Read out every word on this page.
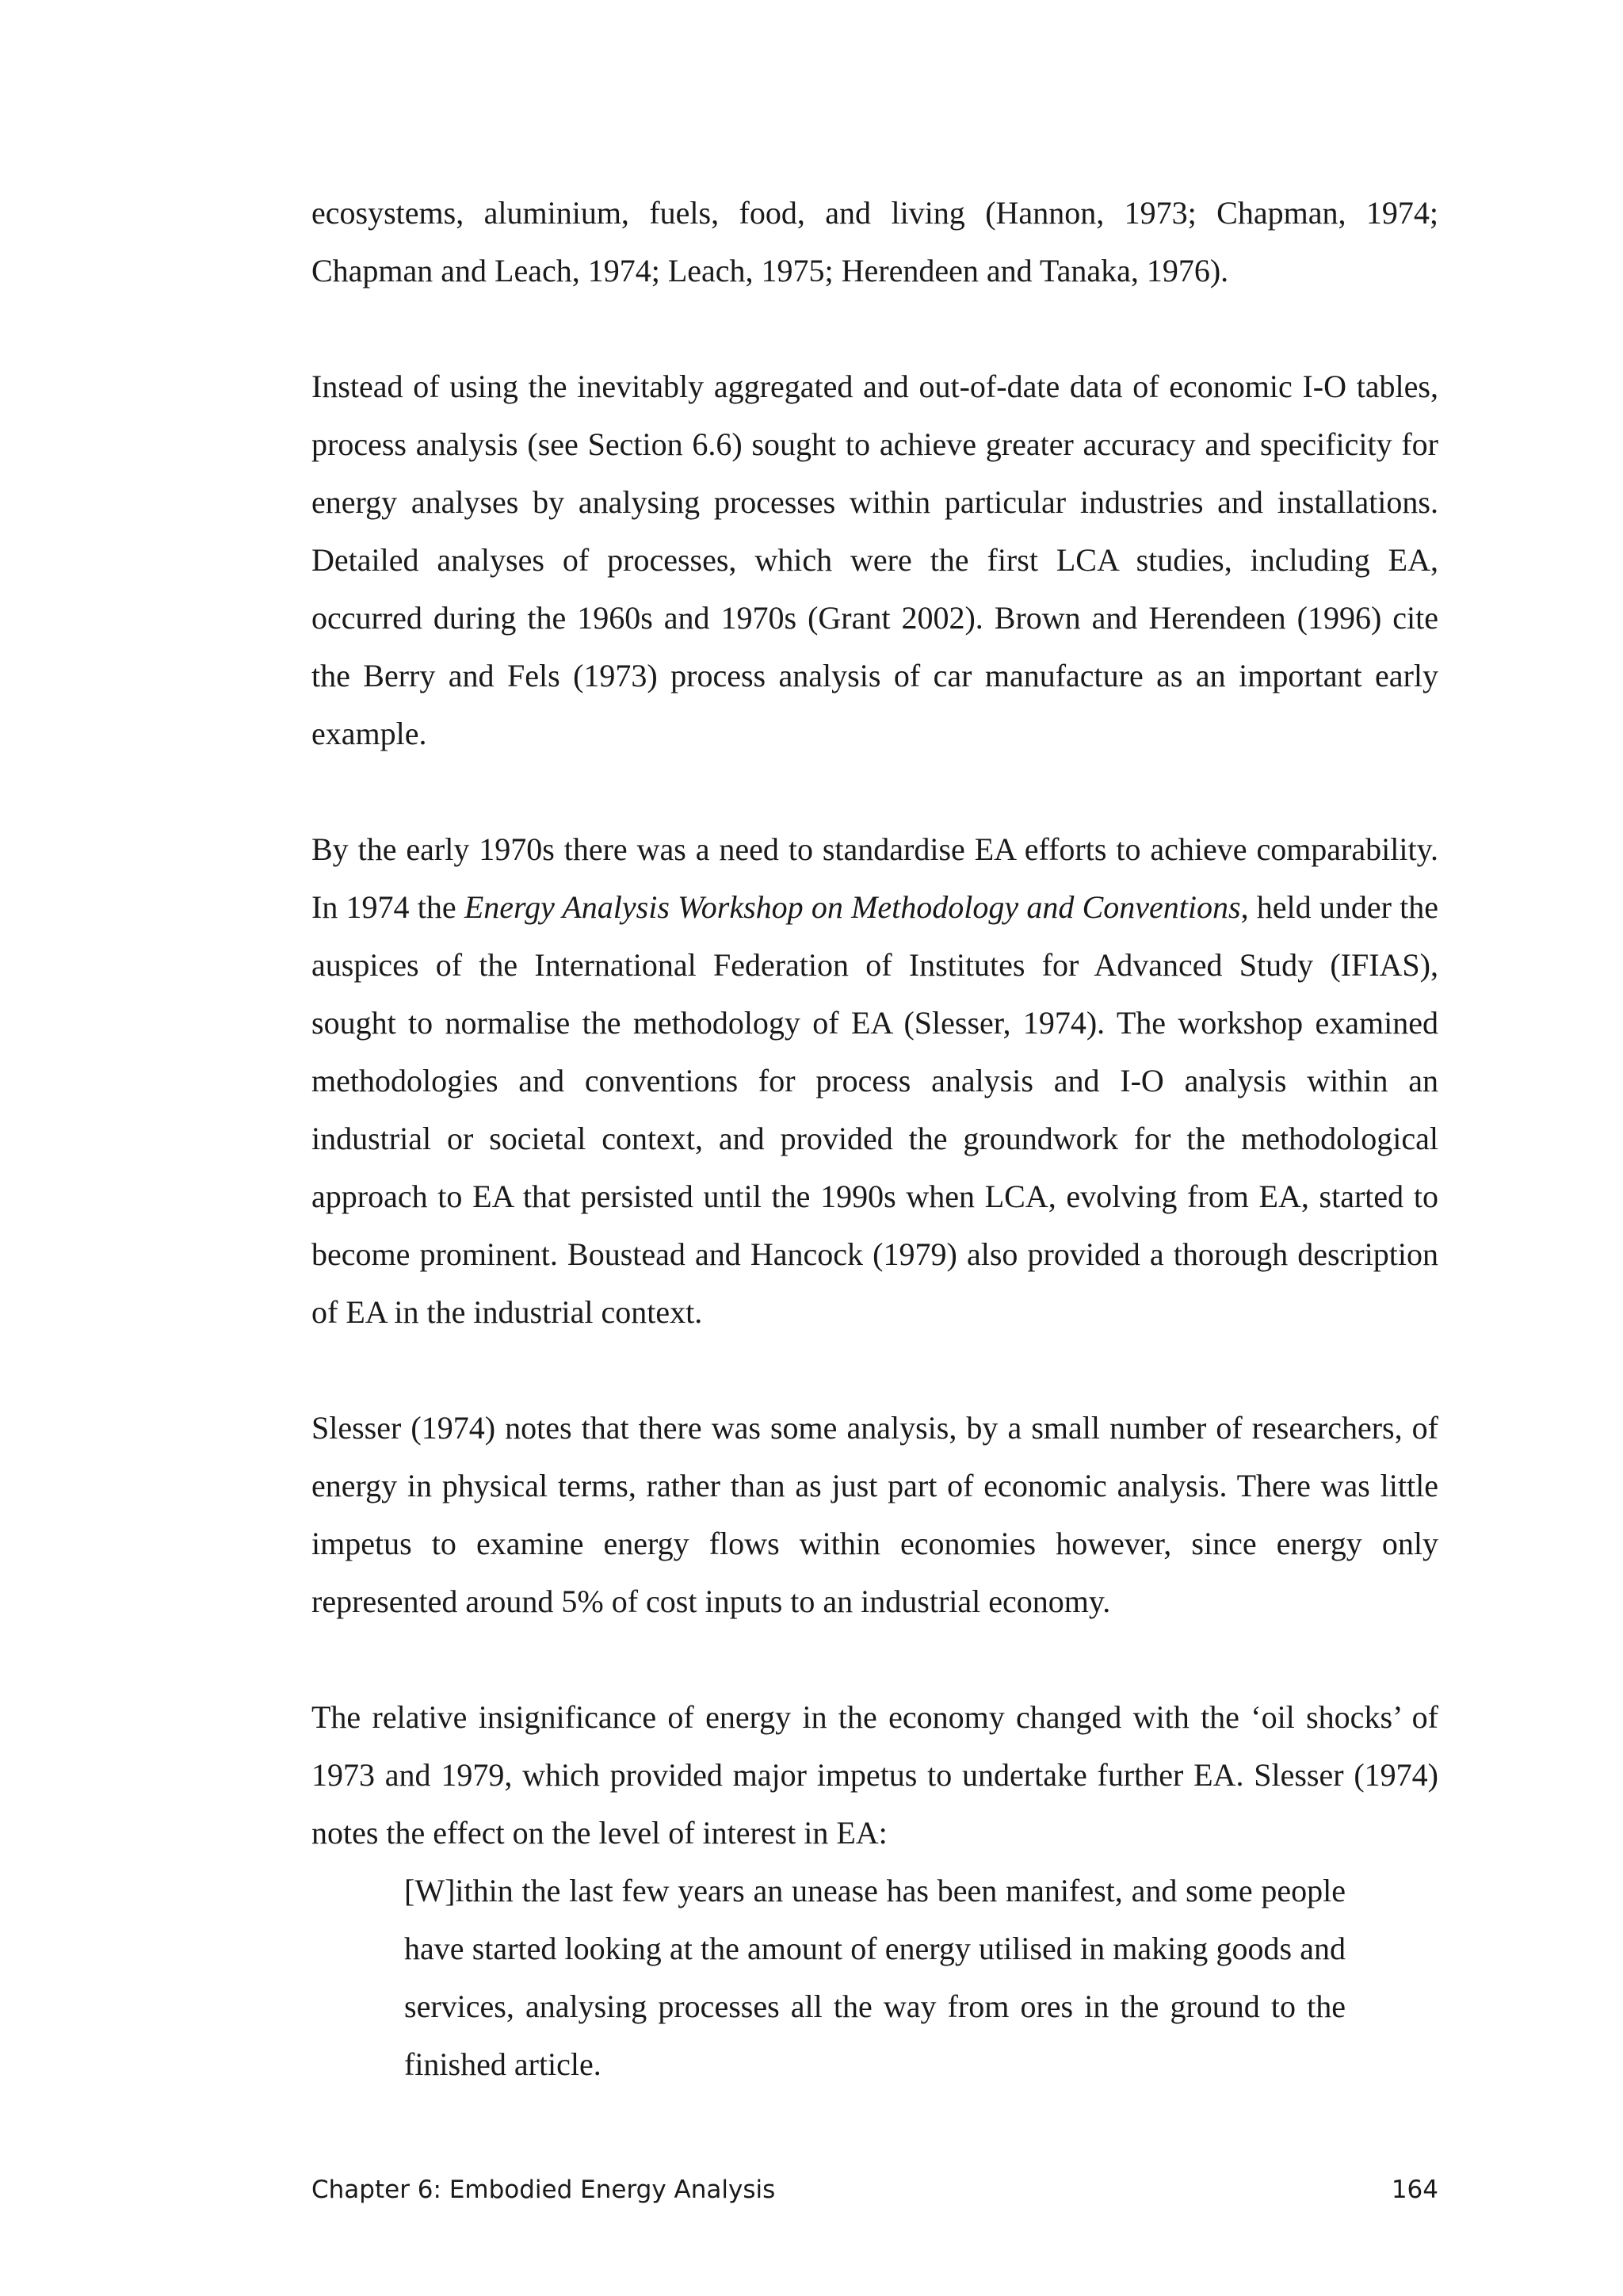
ecosystems, aluminium, fuels, food, and living (Hannon, 1973; Chapman, 1974; Chapman and Leach, 1974; Leach, 1975; Herendeen and Tanaka, 1976).

Instead of using the inevitably aggregated and out-of-date data of economic I-O tables, process analysis (see Section 6.6) sought to achieve greater accuracy and specificity for energy analyses by analysing processes within particular industries and installations. Detailed analyses of processes, which were the first LCA studies, including EA, occurred during the 1960s and 1970s (Grant 2002). Brown and Herendeen (1996) cite the Berry and Fels (1973) process analysis of car manufacture as an important early example.

By the early 1970s there was a need to standardise EA efforts to achieve comparability. In 1974 the Energy Analysis Workshop on Methodology and Conventions, held under the auspices of the International Federation of Institutes for Advanced Study (IFIAS), sought to normalise the methodology of EA (Slesser, 1974). The workshop examined methodologies and conventions for process analysis and I-O analysis within an industrial or societal context, and provided the groundwork for the methodological approach to EA that persisted until the 1990s when LCA, evolving from EA, started to become prominent. Boustead and Hancock (1979) also provided a thorough description of EA in the industrial context.

Slesser (1974) notes that there was some analysis, by a small number of researchers, of energy in physical terms, rather than as just part of economic analysis. There was little impetus to examine energy flows within economies however, since energy only represented around 5% of cost inputs to an industrial economy.

The relative insignificance of energy in the economy changed with the ‘oil shocks’ of 1973 and 1979, which provided major impetus to undertake further EA. Slesser (1974) notes the effect on the level of interest in EA:

[W]ithin the last few years an unease has been manifest, and some people have started looking at the amount of energy utilised in making goods and services, analysing processes all the way from ores in the ground to the finished article.

Chapter 6: Embodied Energy Analysis	164
